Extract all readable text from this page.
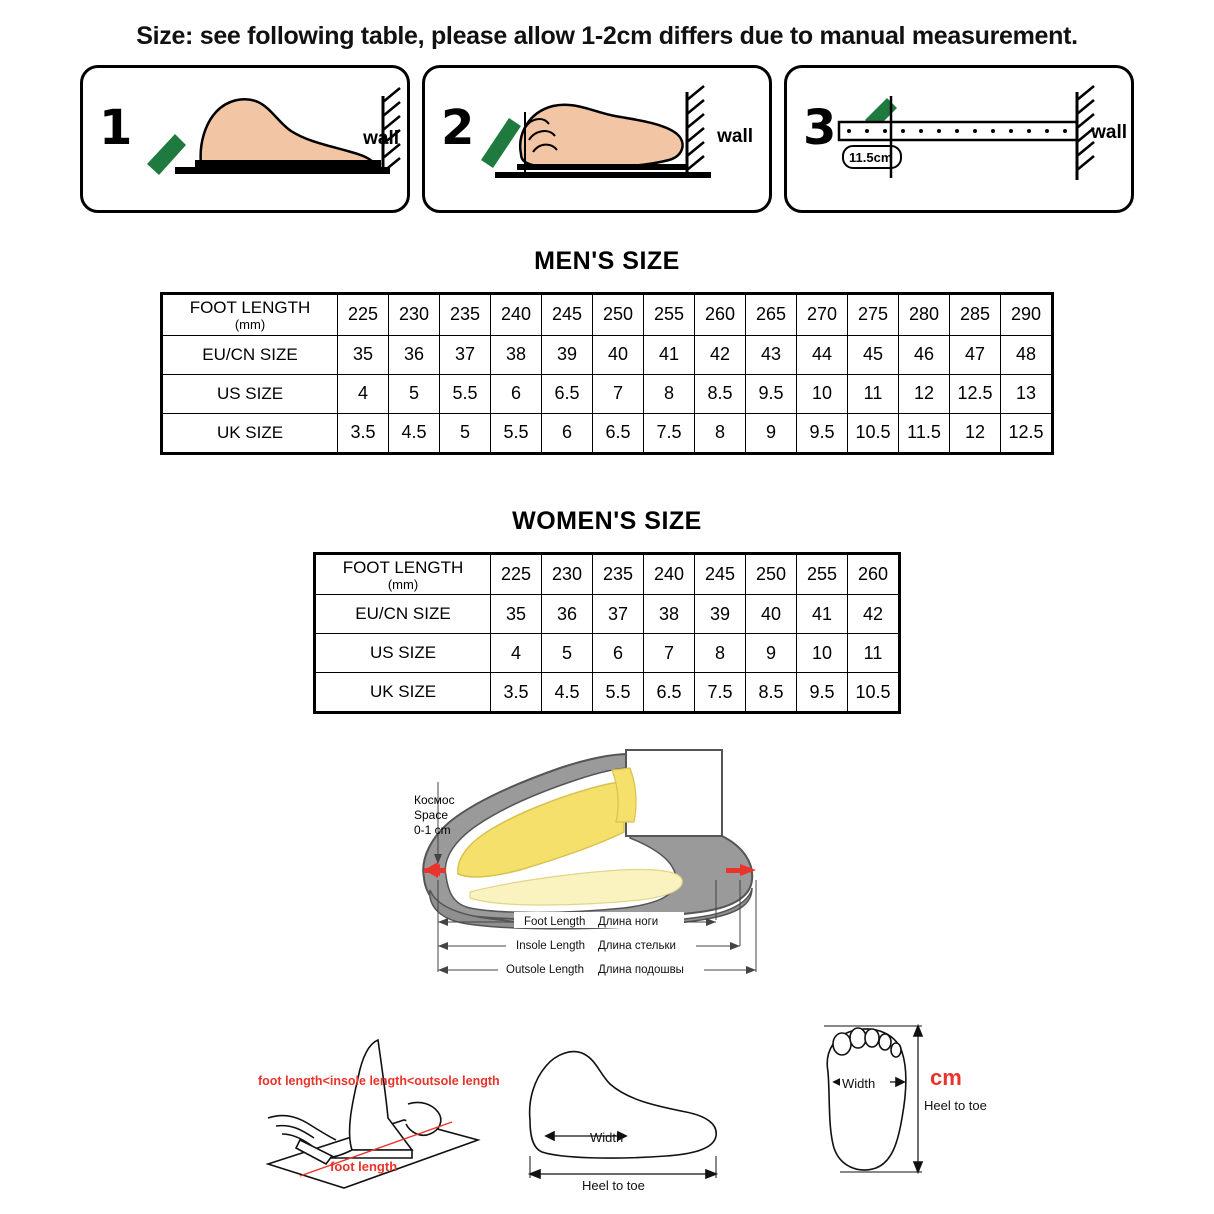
Size: see following table, please allow 1-2cm differs due to manual measurement.
1	wall 2	wall 3
11.5cm
wall
MEN'S SIZE
FOOT LENGTH
(mm)	225	230	235	240	245	250	255	260	265	270	275	280	285	290
EU/CN SIZE	35	36	37	38	39	40	41	42	43	44	45	46	47	48
US SIZE	4	5	5.5	6	6.5	7	8	8.5	9.5	10	11	12	12.5	13
UK SIZE	3.5	4.5	5	5.5	6	6.5	7.5	8	9	9.5	10.5	11.5	12	12.5
WOMEN'S SIZE
FOOT LENGTH
(mm)	225	230	235	240	245	250	255	260
EU/CN SIZE	35	36	37	38	39	40	41	42
US SIZE	4	5	6	7	8	9	10	11
UK SIZE	3.5	4.5	5.5	6.5	7.5	8.5	9.5	10.5
Foot Length Длина ноги
Insole Length Длина стельки
Outsole Length Длина подошвы
Космос
Space
0-1 cm
Width
Heel to toe
Width
Heel to toe
foot length<insole length<outsole length
foot length
cm
